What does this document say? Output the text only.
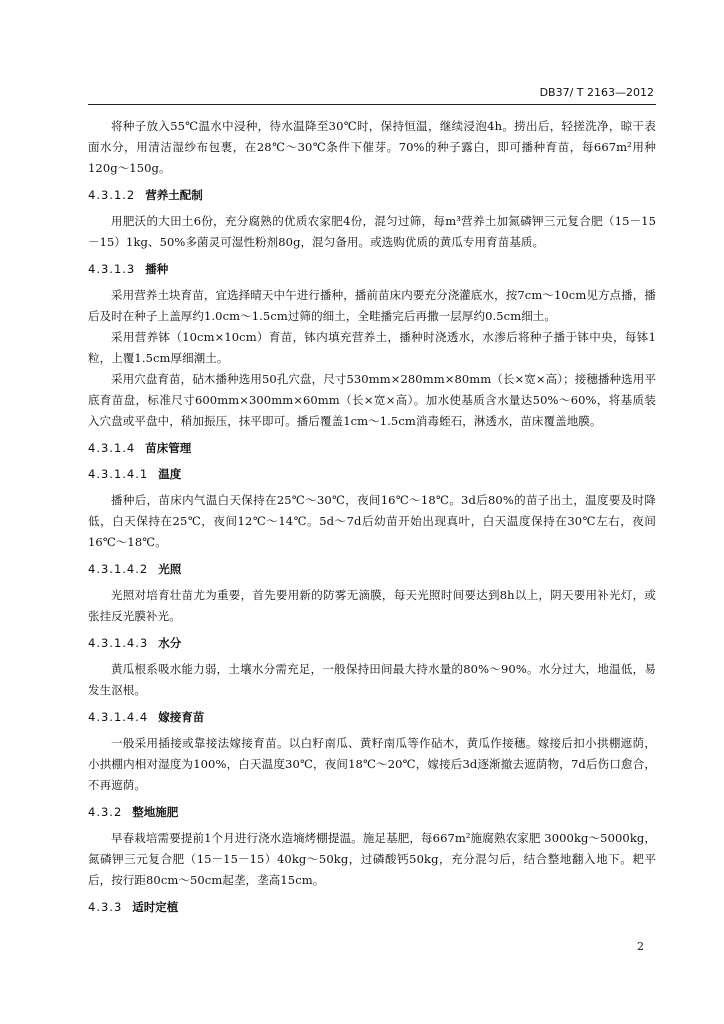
DB37/ T 2163—2012

将种子放入55℃温水中浸种，待水温降至30℃时，保持恒温，继续浸泡4h。捞出后，轻搓洗净，晾干表面水分，用清洁湿纱布包裹，在28℃～30℃条件下催芽。70%的种子露白，即可播种育苗，每667m²用种120g～150g。

4.3.1.2 营养土配制

用肥沃的大田土6份，充分腐熟的优质农家肥4份，混匀过筛，每m³营养土加氮磷钾三元复合肥（15－15－15）1kg、50%多菌灵可湿性粉剂80g，混匀备用。或选购优质的黄瓜专用育苗基质。

4.3.1.3 播种

采用营养土块育苗，宜选择晴天中午进行播种，播前苗床内要充分浇灌底水，按7cm～10cm见方点播，播后及时在种子上盖厚约1.0cm～1.5cm过筛的细土，全畦播完后再撒一层厚约0.5cm细土。

采用营养钵（10cm×10cm）育苗，钵内填充营养土，播种时浇透水，水渗后将种子播于钵中央，每钵1粒，上覆1.5cm厚细潮土。

采用穴盘育苗，砧木播种选用50孔穴盘，尺寸530mm×280mm×80mm（长×宽×高）；接穗播种选用平底育苗盘，标准尺寸600mm×300mm×60mm（长×宽×高）。加水使基质含水量达50%～60%，将基质装入穴盘或平盘中，稍加振压，抹平即可。播后覆盖1cm～1.5cm消毒蛭石，淋透水，苗床覆盖地膜。

4.3.1.4 苗床管理
4.3.1.4.1 温度

播种后，苗床内气温白天保持在25℃～30℃，夜间16℃～18℃。3d后80%的苗子出土，温度要及时降低，白天保持在25℃，夜间12℃～14℃。5d～7d后幼苗开始出现真叶，白天温度保持在30℃左右，夜间16℃～18℃。

4.3.1.4.2 光照

光照对培育壮苗尤为重要，首先要用新的防雾无滴膜，每天光照时间要达到8h以上，阴天要用补光灯，或张挂反光膜补光。

4.3.1.4.3 水分

黄瓜根系吸水能力弱，土壤水分需充足，一般保持田间最大持水量的80%～90%。水分过大，地温低，易发生沤根。

4.3.1.4.4 嫁接育苗

一般采用插接或靠接法嫁接育苗。以白籽南瓜、黄籽南瓜等作砧木，黄瓜作接穗。嫁接后扣小拱棚遮荫，小拱棚内相对湿度为100%，白天温度30℃，夜间18℃～20℃，嫁接后3d逐渐撤去遮荫物，7d后伤口愈合，不再遮荫。

4.3.2 整地施肥

早春栽培需要提前1个月进行浇水造墒烤棚提温。施足基肥，每667m²施腐熟农家肥 3000kg～5000kg，氮磷钾三元复合肥（15－15－15）40kg～50kg，过磷酸钙50kg，充分混匀后，结合整地翻入地下。耙平后，按行距80cm～50cm起垄，垄高15cm。

4.3.3 适时定植
2
